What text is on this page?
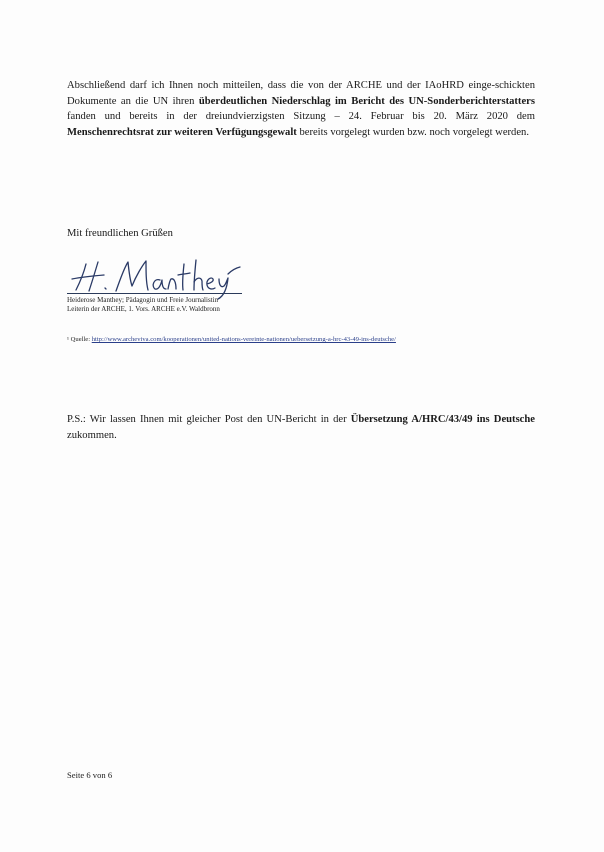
Abschließend darf ich Ihnen noch mitteilen, dass die von der ARCHE und der IAoHRD einge-schickten Dokumente an die UN ihren überdeutlichen Niederschlag im Bericht des UN-Sonderberichterstatters fanden und bereits in der dreiundvierzigsten Sitzung – 24. Februar bis 20. März 2020 dem Menschenrechtsrat zur weiteren Verfügungsgewalt bereits vorgelegt wurden bzw. noch vorgelegt werden.

Mit freundlichen Grüßen

Heiderose Manthey; Pädagogin und Freie Journalistin

Leiterin der ARCHE, 1. Vors. ARCHE e.V. Waldbronn

¹ Quelle: http://www.archeviva.com/kooperationen/united-nations-vereinte-nationen/uebersetzung-a-hrc-43-49-ins-deutsche/

P.S.: Wir lassen Ihnen mit gleicher Post den UN-Bericht in der Übersetzung A/HRC/43/49 ins Deutsche zukommen.

Seite 6 von 6
